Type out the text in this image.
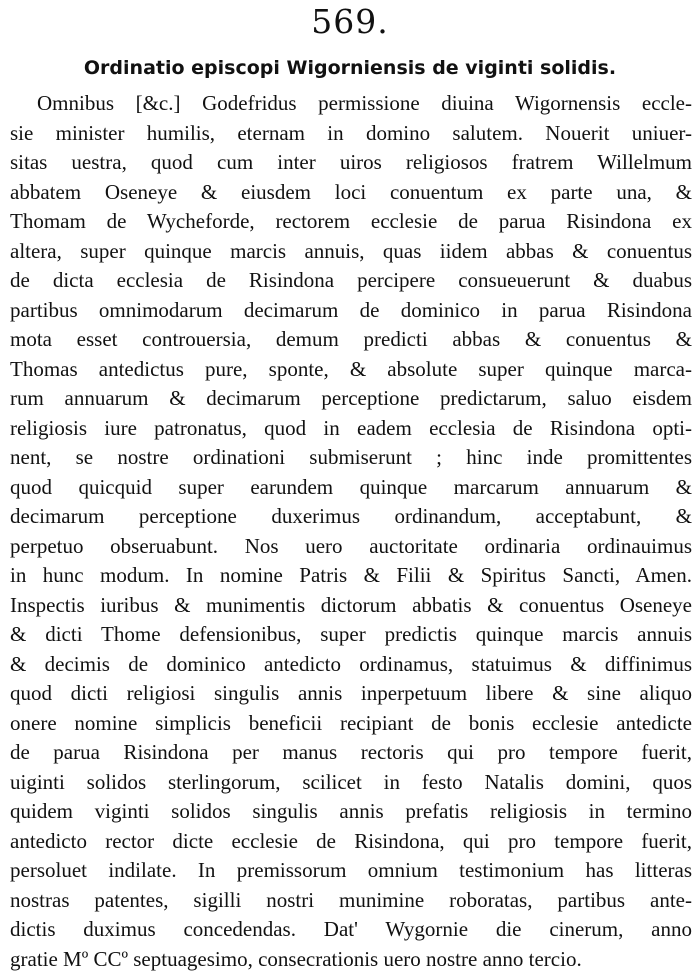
569.
Ordinatio episcopi Wigorniensis de viginti solidis.
Omnibus [&c.] Godefridus permissione diuina Wigornensis eccle-
sie minister humilis, eternam in domino salutem. Nouerit uniuer-
sitas uestra, quod cum inter uiros religiosos fratrem Willelmum
abbatem Oseneye & eiusdem loci conuentum ex parte una, &
Thomam de Wycheforde, rectorem ecclesie de parua Risindona ex
altera, super quinque marcis annuis, quas iidem abbas & conuentus
de dicta ecclesia de Risindona percipere consueuerunt & duabus
partibus omnimodarum decimarum de dominico in parua Risindona
mota esset controuersia, demum predicti abbas & conuentus &
Thomas antedictus pure, sponte, & absolute super quinque marca-
rum annuarum & decimarum perceptione predictarum, saluo eisdem
religiosis iure patronatus, quod in eadem ecclesia de Risindona opti-
nent, se nostre ordinationi submiserunt ; hinc inde promittentes
quod quicquid super earundem quinque marcarum annuarum &
decimarum perceptione duxerimus ordinandum, acceptabunt, &
perpetuo obseruabunt. Nos uero auctoritate ordinaria ordinauimus
in hunc modum. In nomine Patris & Filii & Spiritus Sancti, Amen.
Inspectis iuribus & munimentis dictorum abbatis & conuentus Oseneye
& dicti Thome defensionibus, super predictis quinque marcis annuis
& decimis de dominico antedicto ordinamus, statuimus & diffinimus
quod dicti religiosi singulis annis inperpetuum libere & sine aliquo
onere nomine simplicis beneficii recipiant de bonis ecclesie antedicte
de parua Risindona per manus rectoris qui pro tempore fuerit,
uiginti solidos sterlingorum, scilicet in festo Natalis domini, quos
quidem viginti solidos singulis annis prefatis religiosis in termino
antedicto rector dicte ecclesie de Risindona, qui pro tempore fuerit,
persoluet indilate. In premissorum omnium testimonium has litteras
nostras patentes, sigilli nostri munimine roboratas, partibus ante-
dictis duximus concedendas. Dat' Wygornie die cinerum, anno
gratie Mº CCº septuagesimo, consecrationis uero nostre anno tercio.
